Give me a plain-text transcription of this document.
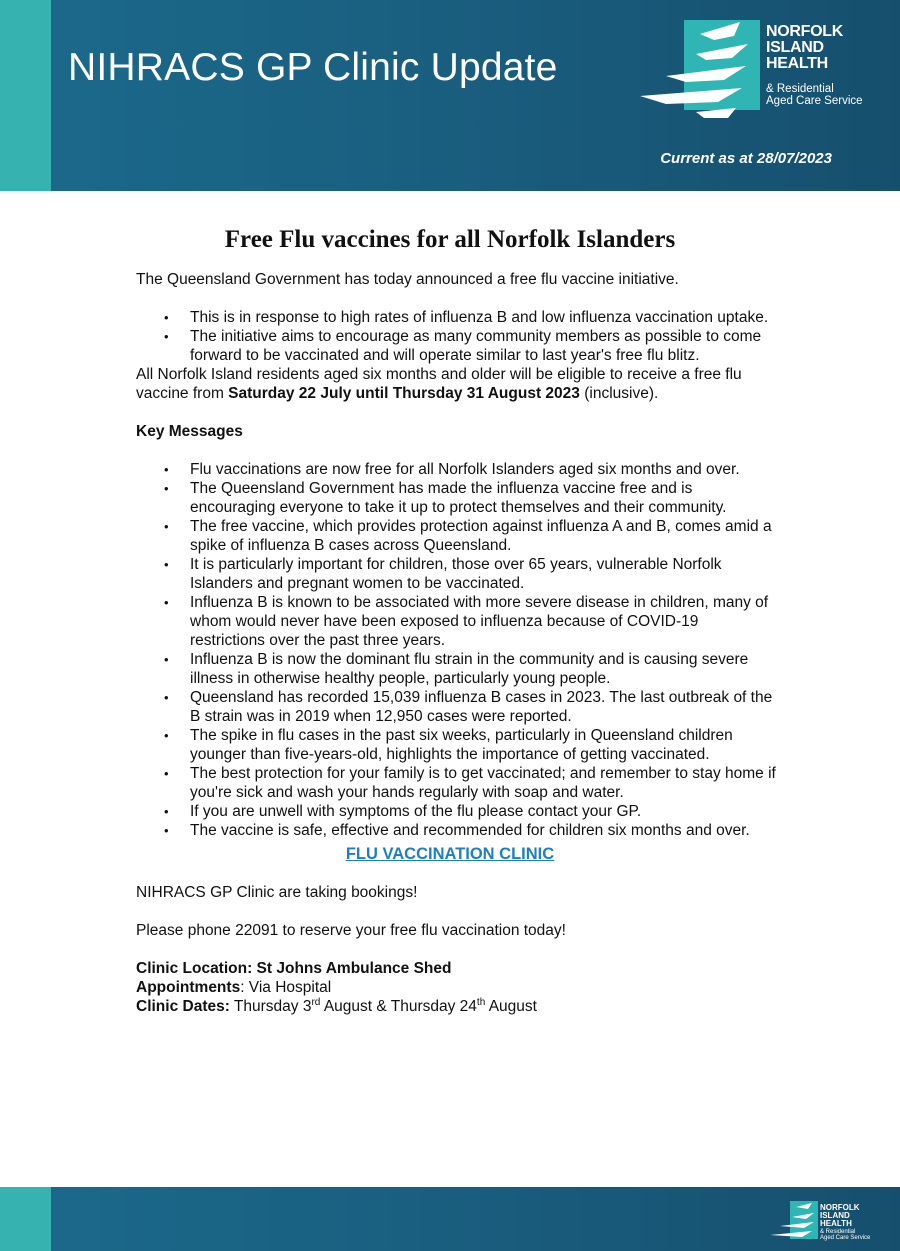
NIHRACS GP Clinic Update
NORFOLK
ISLAND
HEALTH
& Residential
Aged Care Service
Current as at 28/07/2023
Free Flu vaccines for all Norfolk Islanders

The Queensland Government has today announced a free flu vaccine initiative.

• This is in response to high rates of influenza B and low influenza vaccination uptake.
• The initiative aims to encourage as many community members as possible to come forward to be vaccinated and will operate similar to last year's free flu blitz.

All Norfolk Island residents aged six months and older will be eligible to receive a free flu vaccine from Saturday 22 July until Thursday 31 August 2023 (inclusive).

Key Messages

• Flu vaccinations are now free for all Norfolk Islanders aged six months and over.
• The Queensland Government has made the influenza vaccine free and is encouraging everyone to take it up to protect themselves and their community.
• The free vaccine, which provides protection against influenza A and B, comes amid a spike of influenza B cases across Queensland.
• It is particularly important for children, those over 65 years, vulnerable Norfolk Islanders and pregnant women to be vaccinated.
• Influenza B is known to be associated with more severe disease in children, many of whom would never have been exposed to influenza because of COVID-19 restrictions over the past three years.
• Influenza B is now the dominant flu strain in the community and is causing severe illness in otherwise healthy people, particularly young people.
• Queensland has recorded 15,039 influenza B cases in 2023. The last outbreak of the B strain was in 2019 when 12,950 cases were reported.
• The spike in flu cases in the past six weeks, particularly in Queensland children younger than five-years-old, highlights the importance of getting vaccinated.
• The best protection for your family is to get vaccinated; and remember to stay home if you're sick and wash your hands regularly with soap and water.
• If you are unwell with symptoms of the flu please contact your GP.
• The vaccine is safe, effective and recommended for children six months and over.
FLU VACCINATION CLINIC

NIHRACS GP Clinic are taking bookings!

Please phone 22091 to reserve your free flu vaccination today!

Clinic Location: St Johns Ambulance Shed

Appointments: Via Hospital

Clinic Dates: Thursday 3rd August & Thursday 24th August

NORFOLK
ISLAND
HEALTH
& Residential
Aged Care Service
